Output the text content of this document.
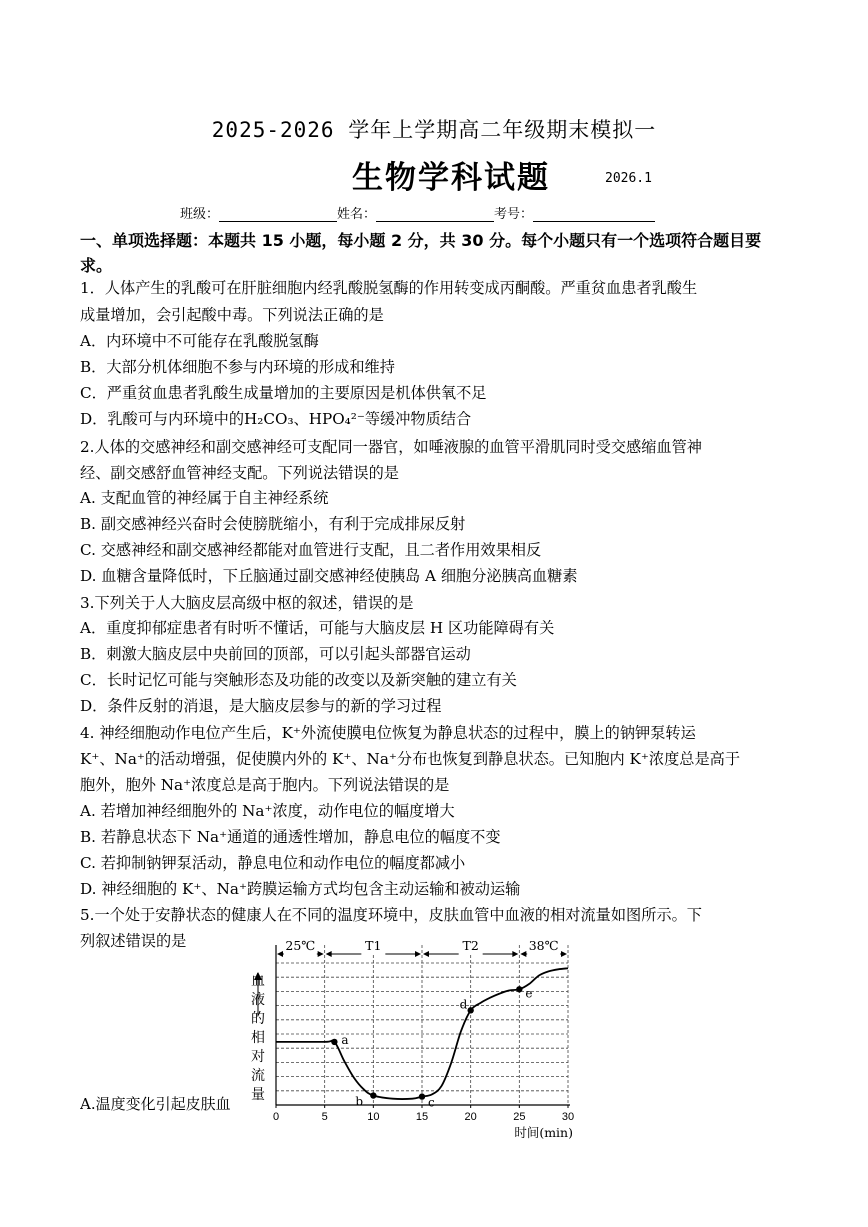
2025-2026 学年上学期高二年级期末模拟一
生物学科试题	2026.1
班级：	姓名：	考号：
一、单项选择题：本题共 15 小题，每小题 2 分，共 30 分。每个小题只有一个选项符合题目要求。
1．人体产生的乳酸可在肝脏细胞内经乳酸脱氢酶的作用转变成丙酮酸。严重贫血患者乳酸生
成量增加，会引起酸中毒。下列说法正确的是
A．内环境中不可能存在乳酸脱氢酶
B．大部分机体细胞不参与内环境的形成和维持
C．严重贫血患者乳酸生成量增加的主要原因是机体供氧不足
D．乳酸可与内环境中的H₂CO₃、HPO₄²⁻等缓冲物质结合
2.人体的交感神经和副交感神经可支配同一器官，如唾液腺的血管平滑肌同时受交感缩血管神
经、副交感舒血管神经支配。下列说法错误的是
A. 支配血管的神经属于自主神经系统
B. 副交感神经兴奋时会使膀胱缩小，有利于完成排尿反射
C. 交感神经和副交感神经都能对血管进行支配，且二者作用效果相反
D. 血糖含量降低时，下丘脑通过副交感神经使胰岛 A 细胞分泌胰高血糖素
3.下列关于人大脑皮层高级中枢的叙述，错误的是
A．重度抑郁症患者有时听不懂话，可能与大脑皮层 H 区功能障碍有关
B．刺激大脑皮层中央前回的顶部，可以引起头部器官运动
C．长时记忆可能与突触形态及功能的改变以及新突触的建立有关
D．条件反射的消退，是大脑皮层参与的新的学习过程
4. 神经细胞动作电位产生后，K⁺外流使膜电位恢复为静息状态的过程中，膜上的钠钾泵转运
K⁺、Na⁺的活动增强，促使膜内外的 K⁺、Na⁺分布也恢复到静息状态。已知胞内 K⁺浓度总是高于
胞外，胞外 Na⁺浓度总是高于胞内。下列说法错误的是
A. 若增加神经细胞外的 Na⁺浓度，动作电位的幅度增大
B. 若静息状态下 Na⁺通道的通透性增加，静息电位的幅度不变
C. 若抑制钠钾泵活动，静息电位和动作电位的幅度都减小
D. 神经细胞的 K⁺、Na⁺跨膜运输方式均包含主动运输和被动运输
5.一个处于安静状态的健康人在不同的温度环境中，皮肤血管中血液的相对流量如图所示。下
列叙述错误的是
血
液
的
相
对
流
量
0	5	10	15	20	25	30
时间(min)
25℃	T1	T2	38℃
a
b	c
d
e
A.温度变化引起皮肤血
